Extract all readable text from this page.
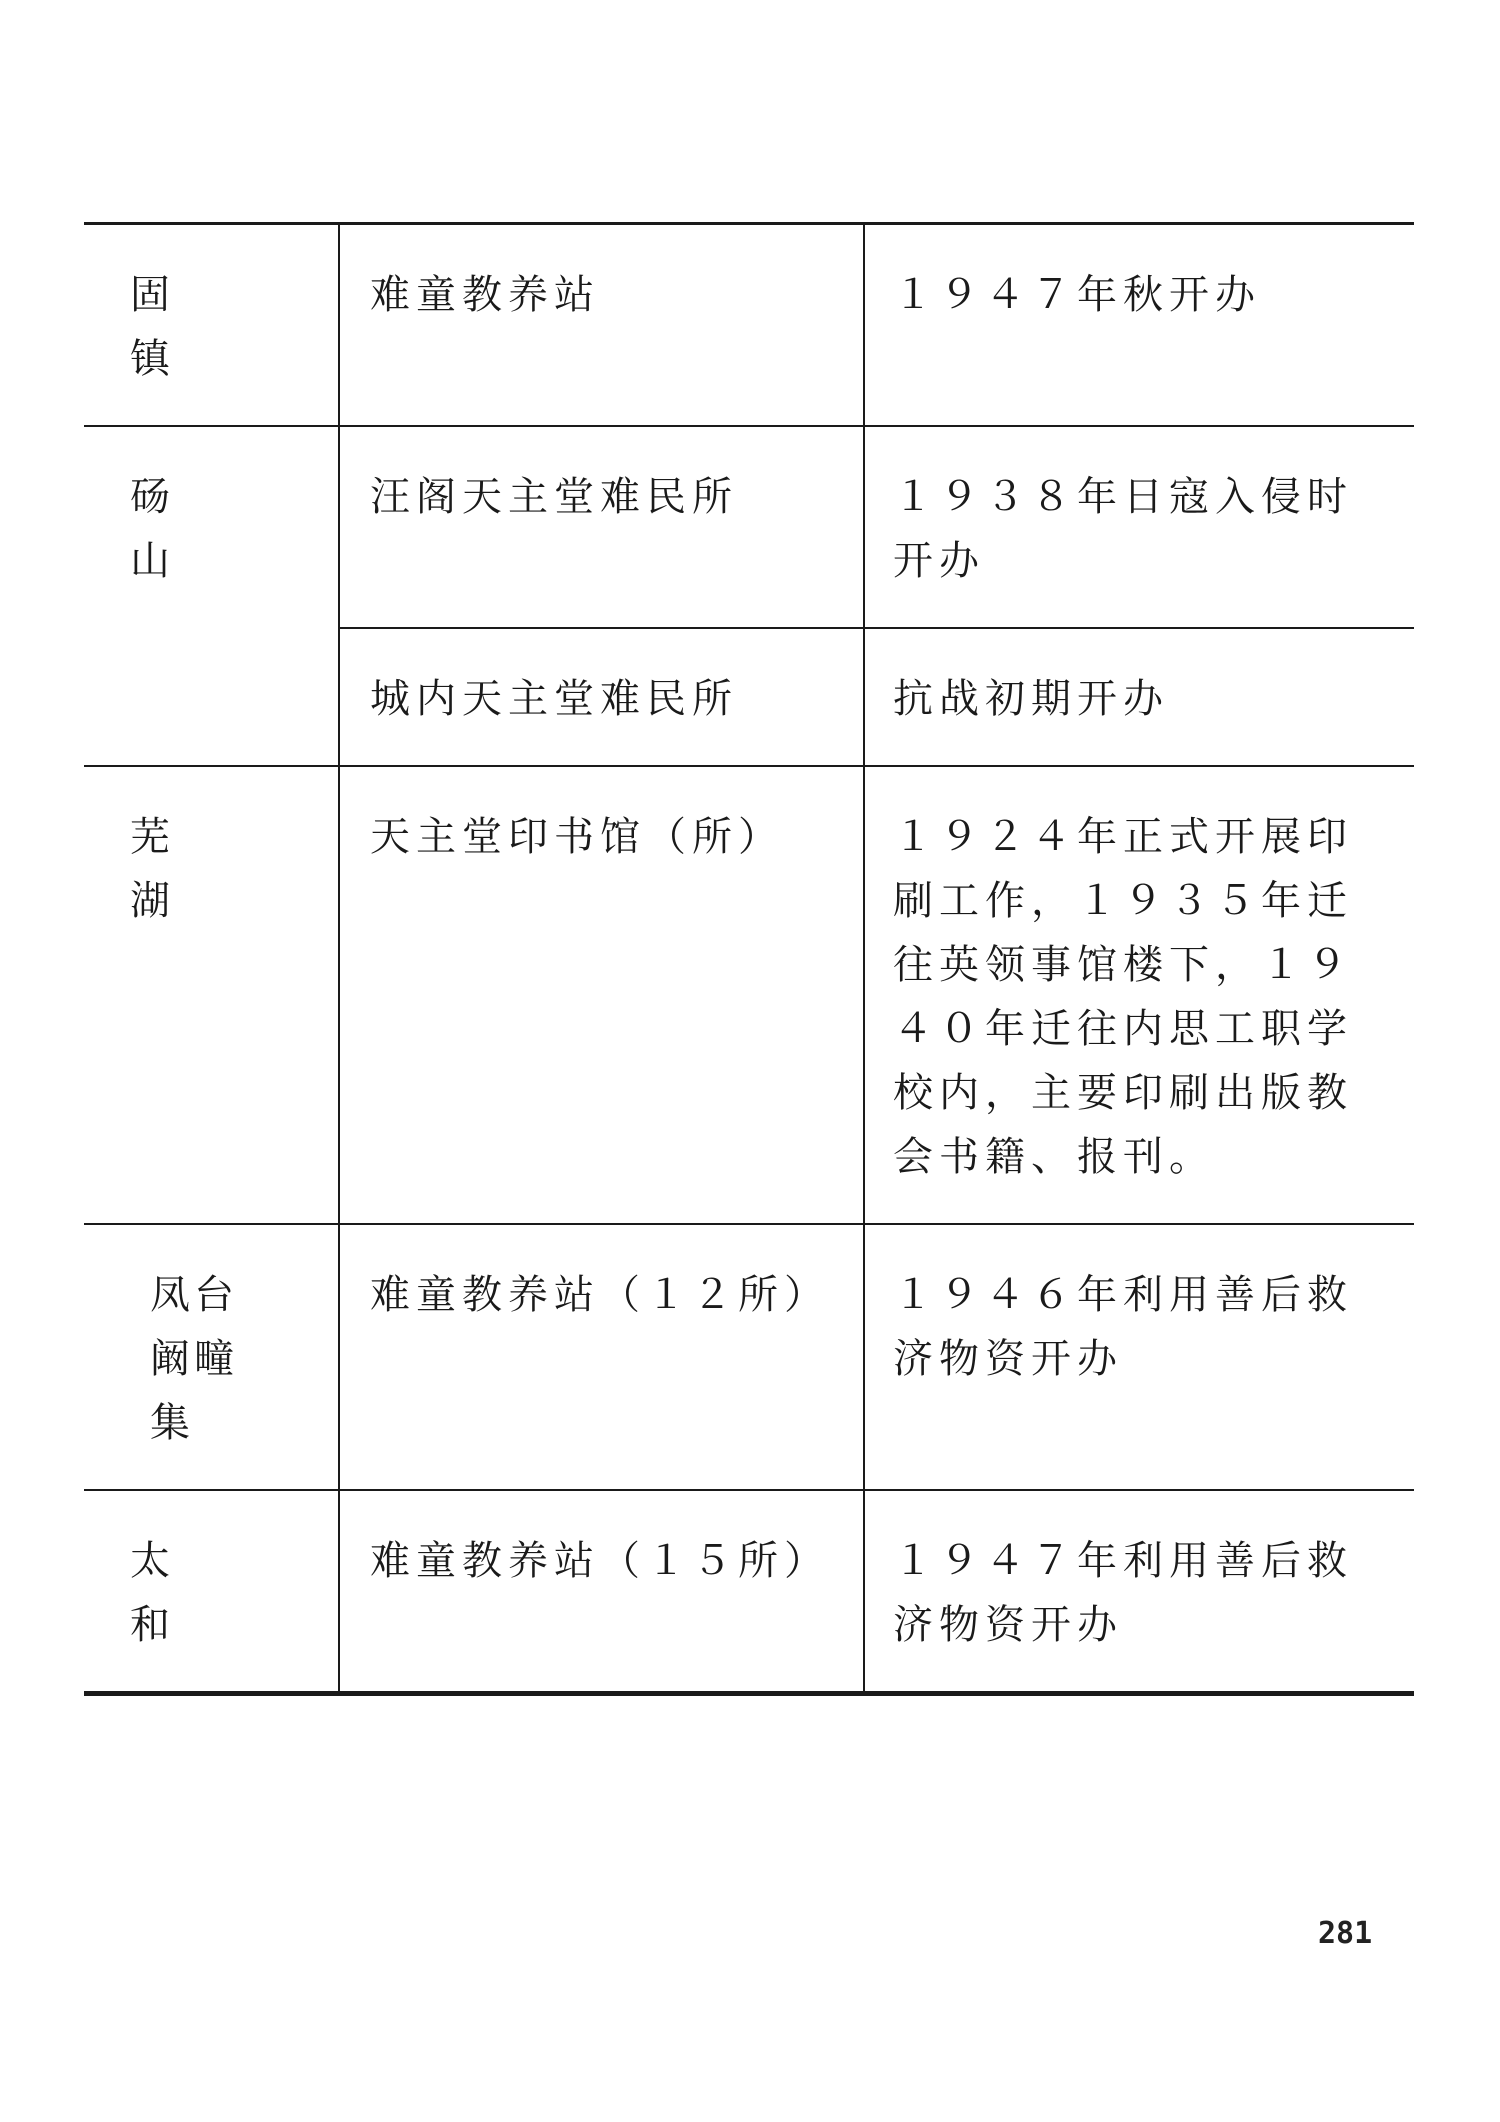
固 镇	难童教养站	１９４７年秋开办
砀 山	汪阁天主堂难民所	１９３８年日寇入侵时开办
	城内天主堂难民所	抗战初期开办
芜 湖	天主堂印书馆（所）	１９２４年正式开展印刷工作，１９３５年迁往英领事馆楼下，１９４０年迁往内思工职学校内，主要印刷出版教会书籍、报刊。

凤台阚疃集	难童教养站（１２所）	１９４６年利用善后救济物资开办
太 和	难童教养站（１５所）	１９４７年利用善后救济物资开办
281
